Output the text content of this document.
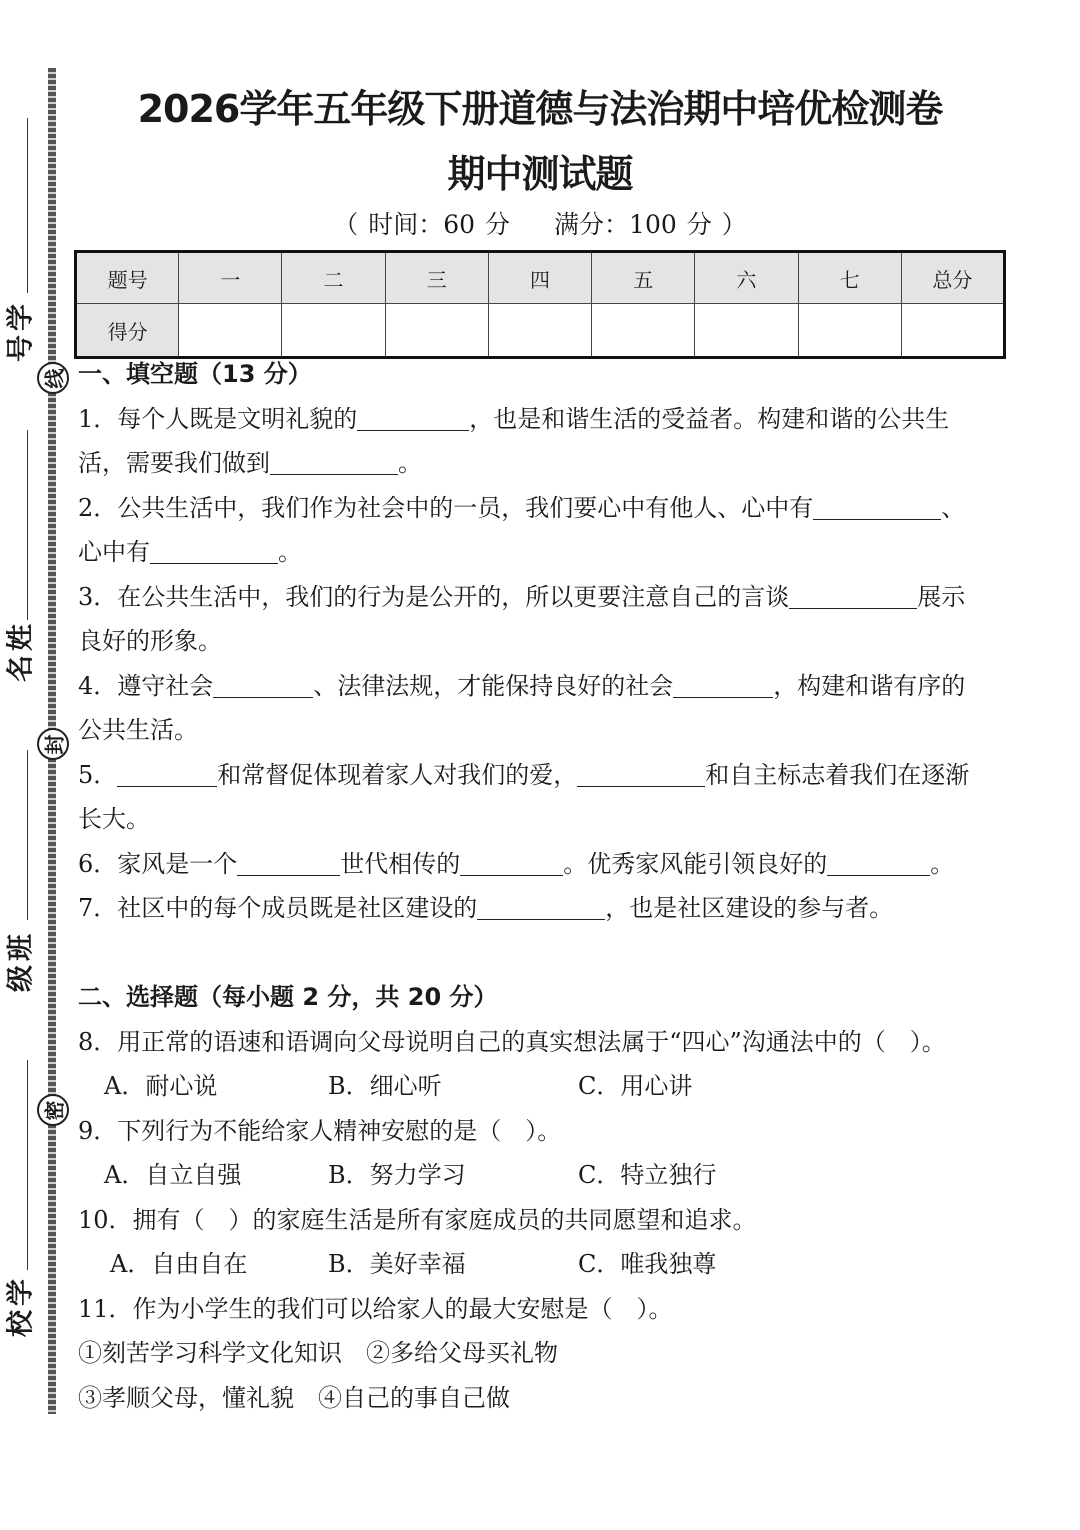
学
号
线
姓
名
封
班
级
密
学
校
2026学年五年级下册道德与法治期中培优检测卷
期中测试题
（ 时间：60 分 满分：100 分 ）
题号	一	二	三	四	五	六	七	总分
得分								
一、填空题（13 分）
1．每个人既是文明礼貌的	，也是和谐生活的受益者。构建和谐的公共生
活，需要我们做到	。
2．公共生活中，我们作为社会中的一员，我们要心中有他人、心中有	、
心中有	。
3．在公共生活中，我们的行为是公开的，所以更要注意自己的言谈	展示
良好的形象。
4．遵守社会	、法律法规，才能保持良好的社会	，构建和谐有序的
公共生活。
5．	和常督促体现着家人对我们的爱，	和自主标志着我们在逐渐
长大。
6．家风是一个	世代相传的	。优秀家风能引领良好的	。
7．社区中的每个成员既是社区建设的	，也是社区建设的参与者。
二、选择题（每小题 2 分，共 20 分）
8．用正常的语速和语调向父母说明自己的真实想法属于“四心”沟通法中的（　）。
A．耐心说	B．细心听	C．用心讲
9．下列行为不能给家人精神安慰的是（　）。
A．自立自强	B．努力学习	C．特立独行
10．拥有（　）的家庭生活是所有家庭成员的共同愿望和追求。
A．自由自在	B．美好幸福	C．唯我独尊
11．作为小学生的我们可以给家人的最大安慰是（　）。
①刻苦学习科学文化知识　②多给父母买礼物
③孝顺父母，懂礼貌　④自己的事自己做
